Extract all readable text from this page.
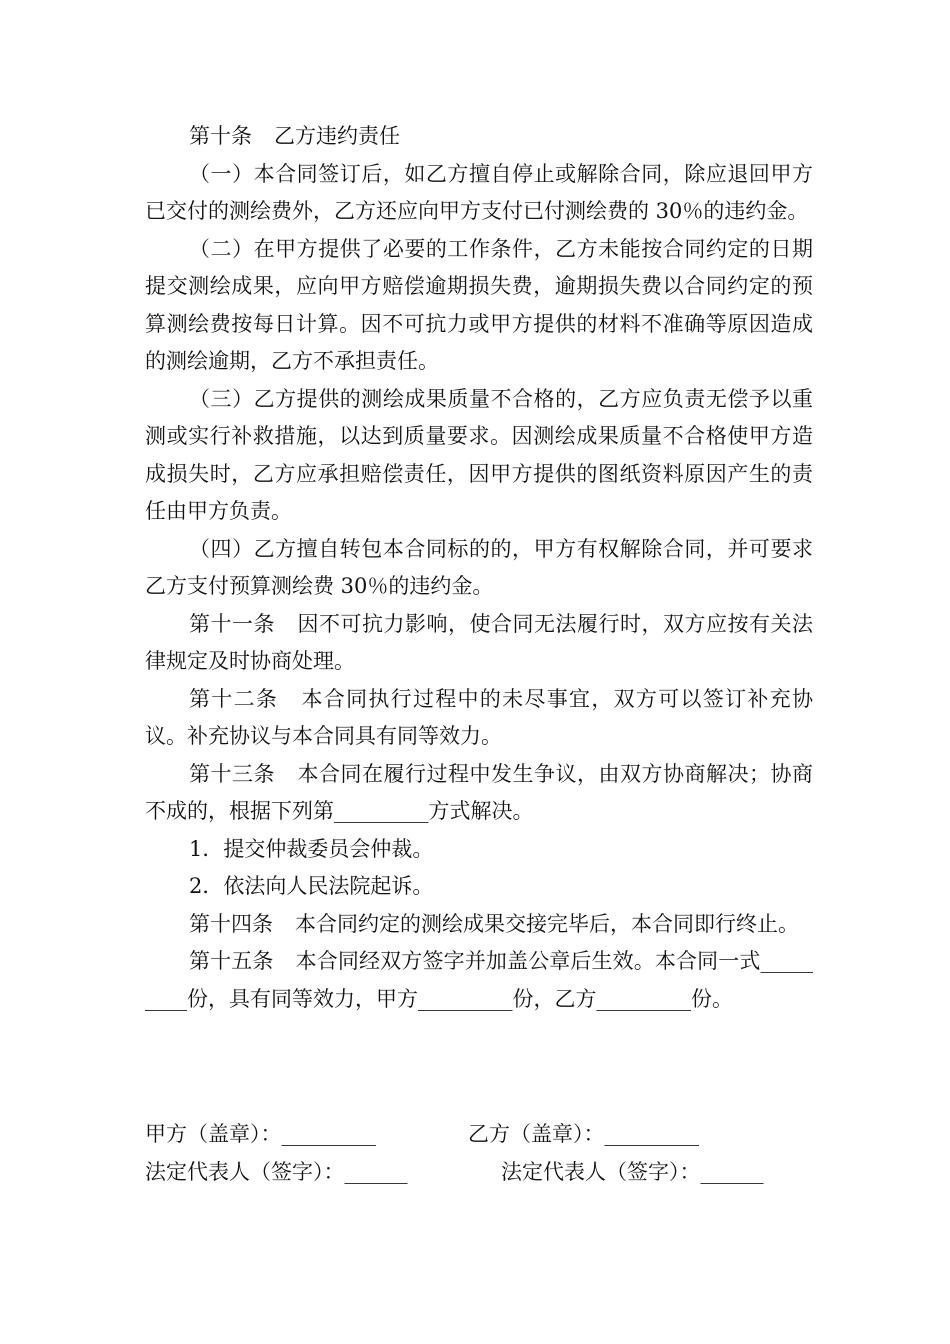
第十条 乙方违约责任

（一）本合同签订后，如乙方擅自停止或解除合同，除应退回甲方已交付的测绘费外，乙方还应向甲方支付已付测绘费的 30％的违约金。

（二）在甲方提供了必要的工作条件，乙方未能按合同约定的日期提交测绘成果，应向甲方赔偿逾期损失费，逾期损失费以合同约定的预算测绘费按每日计算。因不可抗力或甲方提供的材料不准确等原因造成的测绘逾期，乙方不承担责任。

（三）乙方提供的测绘成果质量不合格的，乙方应负责无偿予以重测或实行补救措施，以达到质量要求。因测绘成果质量不合格使甲方造成损失时，乙方应承担赔偿责任，因甲方提供的图纸资料原因产生的责任由甲方负责。

（四）乙方擅自转包本合同标的的，甲方有权解除合同，并可要求乙方支付预算测绘费 30％的违约金。

第十一条 因不可抗力影响，使合同无法履行时，双方应按有关法律规定及时协商处理。

第十二条 本合同执行过程中的未尽事宜，双方可以签订补充协议。补充协议与本合同具有同等效力。

第十三条 本合同在履行过程中发生争议，由双方协商解决；协商不成的，根据下列第_________方式解决。

1．提交仲裁委员会仲裁。

2．依法向人民法院起诉。

第十四条 本合同约定的测绘成果交接完毕后，本合同即行终止。

第十五条 本合同经双方签字并加盖公章后生效。本合同一式_________份，具有同等效力，甲方_________份，乙方_________份。

甲方（盖章）：_________	乙方（盖章）：_________
法定代表人（签字）：______	法定代表人（签字）：______
